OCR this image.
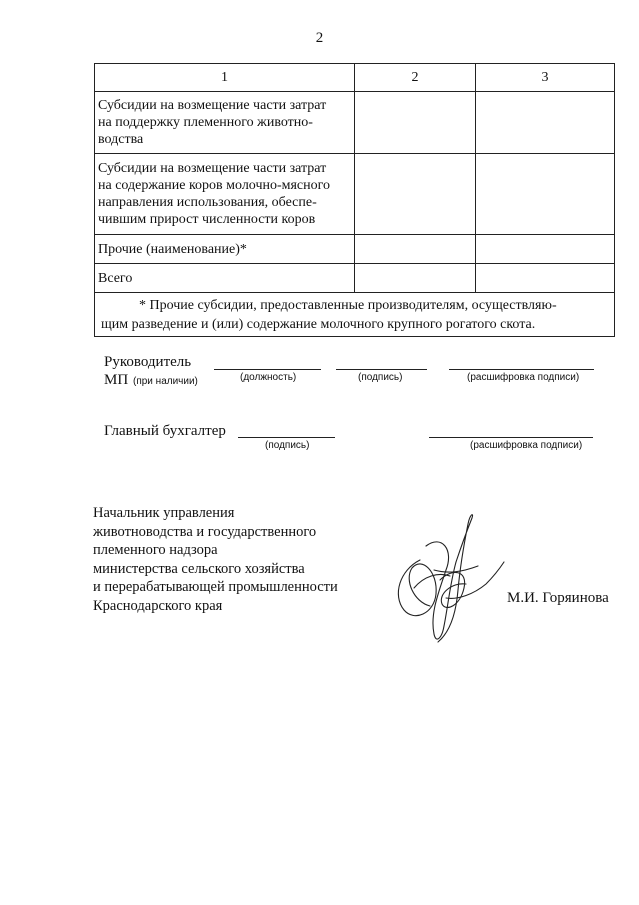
2
1	2	3

Субсидии на возмещение части затрат
на поддержку племенного животно-
водства		

Субсидии на возмещение части затрат
на содержание коров молочно-мясного
направления использования, обеспе-
чившим прирост численности коров		

Прочие (наименование)*		

Всего		

* Прочие субсидии, предоставленные производителям, осуществляю-
щим разведение и (или) содержание молочного крупного рогатого скота.		
Руководитель
МП (при наличии)	(должность)	(подпись)	(расшифровка подписи)
Главный бухгалтер
(подпись)	(расшифровка подписи)
Начальник управления
животноводства и государственного
племенного надзора
министерства сельского хозяйства
и перерабатывающей промышленности
Краснодарского края	М.И. Горяинова
